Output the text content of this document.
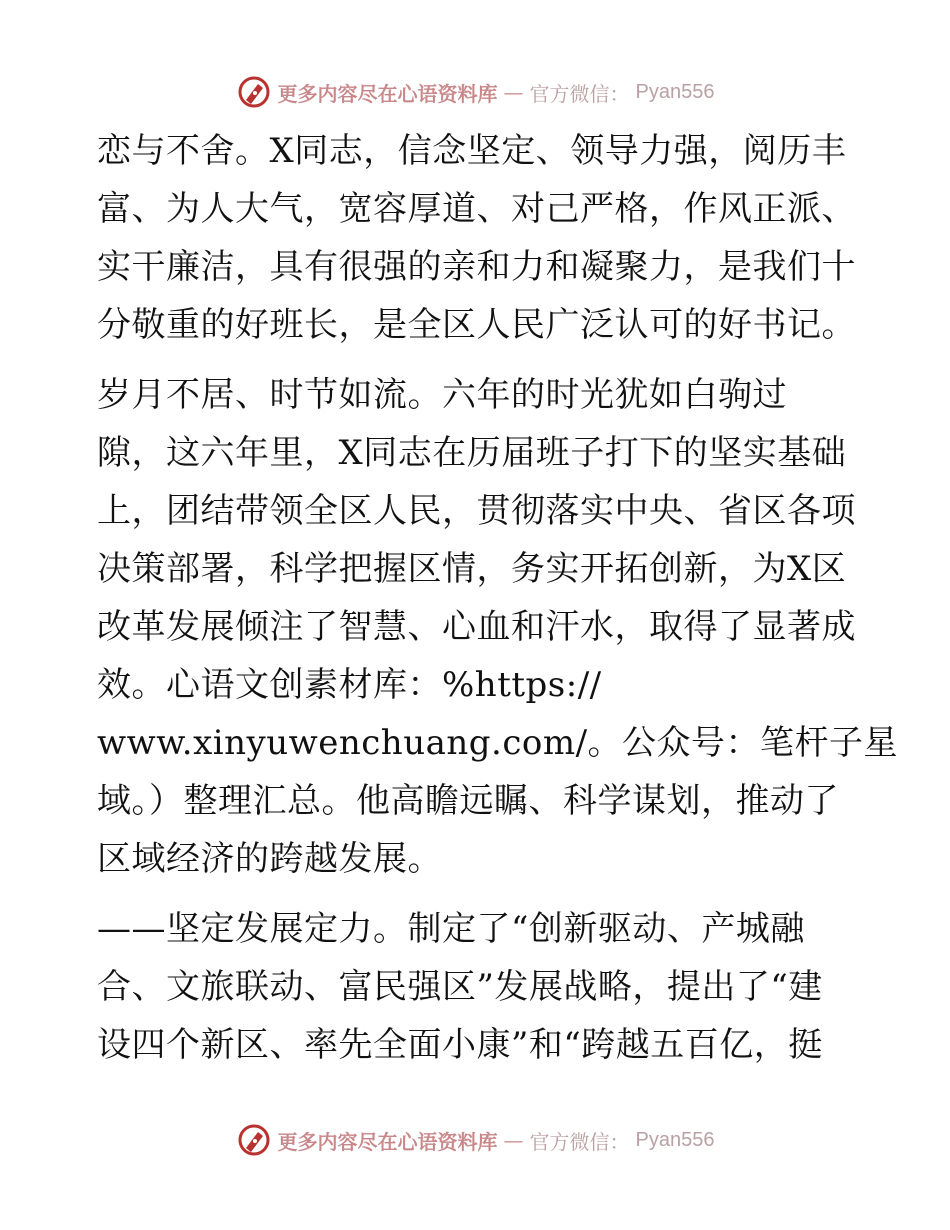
更多内容尽在心语资料库 — 官方微信： Pyan556
恋与不舍。X同志，信念坚定、领导力强，阅历丰
富、为人大气，宽容厚道、对己严格，作风正派、
实干廉洁，具有很强的亲和力和凝聚力，是我们十
分敬重的好班长，是全区人民广泛认可的好书记。
岁月不居、时节如流。六年的时光犹如白驹过
隙，这六年里，X同志在历届班子打下的坚实基础
上，团结带领全区人民，贯彻落实中央、省区各项
决策部署，科学把握区情，务实开拓创新，为X区
改革发展倾注了智慧、心血和汗水，取得了显著成
效。心语文创素材库：%https://
www.xinyuwenchuang.com/。公众号：笔杆子星
域。）整理汇总。他高瞻远瞩、科学谋划，推动了
区域经济的跨越发展。
——坚定发展定力。制定了“创新驱动、产城融
合、文旅联动、富民强区”发展战略，提出了“建
设四个新区、率先全面小康”和“跨越五百亿，挺
更多内容尽在心语资料库 — 官方微信： Pyan556
